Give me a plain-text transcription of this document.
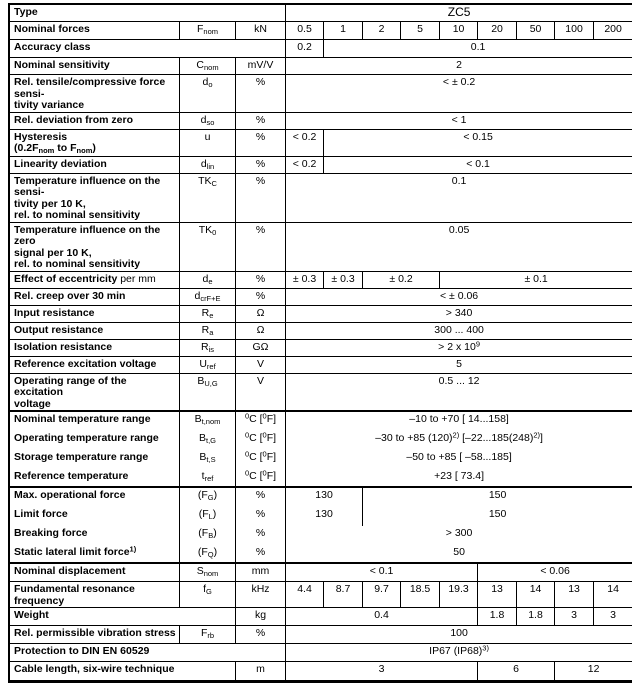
Type			ZC5								
Nominal forces	$F_{nom}$	kN	0.5	1	2	5	10	20	50	100	200
Accuracy class			0.2	0.1							
Nominal sensitivity	$C_{nom}$	mV/V	2								
Rel. tensile/compressive force sensi-
tivity variance	$d_o$	%	< ± 0.2								
Rel. deviation from zero	$d_{so}$	%	< 1								
Hysteresis
($0.2F_{nom}$ to $F_{nom}$)	u	%	< 0.2	< 0.15							
Linearity deviation	$d_{lin}$	%	< 0.2	< 0.1							
Temperature influence on the sensi-
tivity per 10 K,
rel. to nominal sensitivity	$TK_C$	%	0.1								
Temperature influence on the zero
signal per 10 K,
rel. to nominal sensitivity	$TK_0$	%	0.05								
Effect of eccentricity per mm	$d_e$	%	± 0.3	± 0.3	± 0.2		± 0.1				
Rel. creep over 30 min	$d_{crF+E}$	%	< ± 0.06								
Input resistance	$R_e$	Ω	> 340								
Output resistance	$R_a$	Ω	300 ... 400								
Isolation resistance	$R_{is}$	GΩ	> 2 x $10^9$
Reference excitation voltage	$U_{ref}$	V	5								
Operating range of the excitation
voltage	$B_{U,G}$	V	0.5 ... 12								
Nominal temperature range	$B_{t,nom}$	$^0$C [$^0$F]	–10 to +70 [ 14...158]								
Operating temperature range	$B_{t,G}$	$^0$C [$^0$F]	–30 to +85 $(120)^{2)}$ $[-22...185(248)^{2)}]$								
Storage temperature range	$B_{t,S}$	$^0$C [$^0$F]	–50 to +85 [ –58...185]								
Reference temperature	$t_{ref}$	$^0$C [$^0$F]	+23 [ 73.4]								
Max. operational force	$(F_G)$	%	130		150						
Limit force	$(F_L)$	%	130		150						
Breaking force	$(F_B)$	%	> 300								
Static lateral limit force$^{1)}$	$(F_Q)$	%	50								
Nominal displacement	$S_{nom}$	mm	< 0.1					< 0.06			
Fundamental resonance frequency	$f_G$	kHz	4.4	8.7	9.7	18.5	19.3	13	14	13	14
Weight		kg	0.4					1.8	1.8	3	3
Rel. permissible vibration stress	$F_{rb}$	%	100								
Protection to DIN EN 60529			IP67 $(IP68)^{3)}$
Cable length, six-wire technique		m	3					6		12	
